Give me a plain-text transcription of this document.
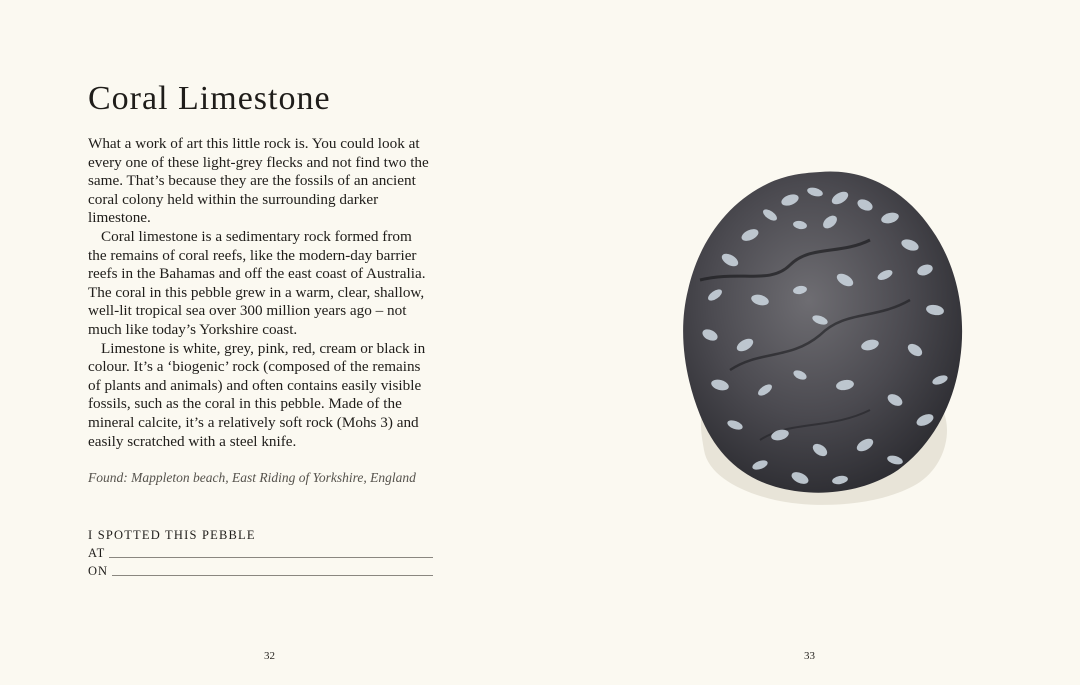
Coral Limestone

What a work of art this little rock is. You could look at every one of these light-grey flecks and not find two the same. That’s because they are the fossils of an ancient coral colony held within the surrounding darker limestone.

Coral limestone is a sedimentary rock formed from the remains of coral reefs, like the modern-day barrier reefs in the Bahamas and off the east coast of Australia. The coral in this pebble grew in a warm, clear, shallow, well-lit tropical sea over 300 million years ago – not much like today’s Yorkshire coast.

Limestone is white, grey, pink, red, cream or black in colour. It’s a ‘biogenic’ rock (composed of the remains of plants and animals) and often contains easily visible fossils, such as the coral in this pebble. Made of the mineral calcite, it’s a relatively soft rock (Mohs 3) and easily scratched with a steel knife.

Found: Mappleton beach, East Riding of Yorkshire, England
I SPOTTED THIS PEBBLE
AT
ON
32	33
